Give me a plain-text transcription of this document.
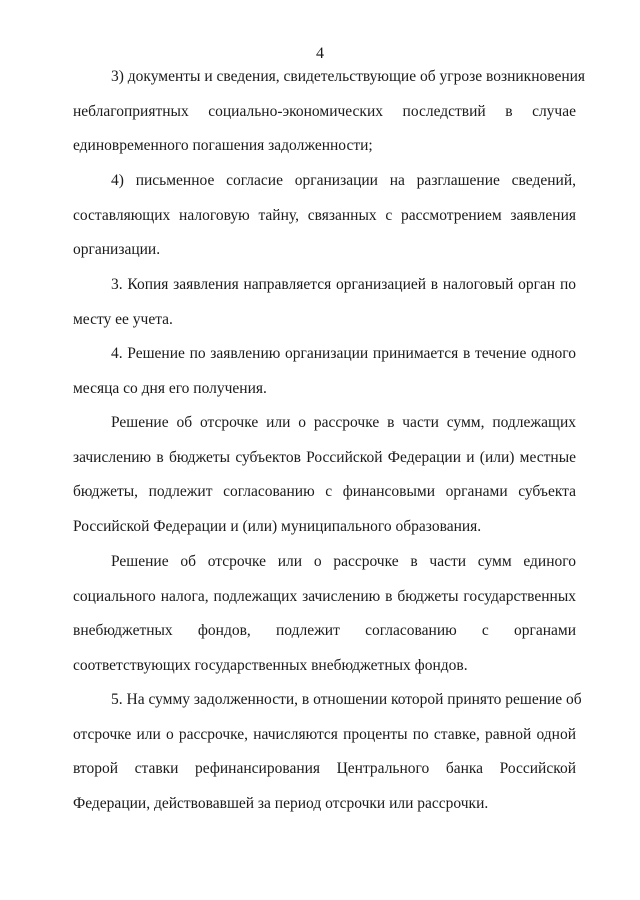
4
3) документы и сведения, свидетельствующие об угрозе возникновения
неблагоприятных социально-экономических последствий в случае
единовременного погашения задолженности;
4) письменное согласие организации на разглашение сведений,
составляющих налоговую тайну, связанных с рассмотрением заявления
организации.
3. Копия заявления направляется организацией в налоговый орган по
месту ее учета.
4. Решение по заявлению организации принимается в течение одного
месяца со дня его получения.
Решение об отсрочке или о рассрочке в части сумм, подлежащих
зачислению в бюджеты субъектов Российской Федерации и (или) местные
бюджеты, подлежит согласованию с финансовыми органами субъекта
Российской Федерации и (или) муниципального образования.
Решение об отсрочке или о рассрочке в части сумм единого
социального налога, подлежащих зачислению в бюджеты государственных
внебюджетных фондов, подлежит согласованию с органами
соответствующих государственных внебюджетных фондов.
5. На сумму задолженности, в отношении которой принято решение об
отсрочке или о рассрочке, начисляются проценты по ставке, равной одной
второй ставки рефинансирования Центрального банка Российской
Федерации, действовавшей за период отсрочки или рассрочки.
